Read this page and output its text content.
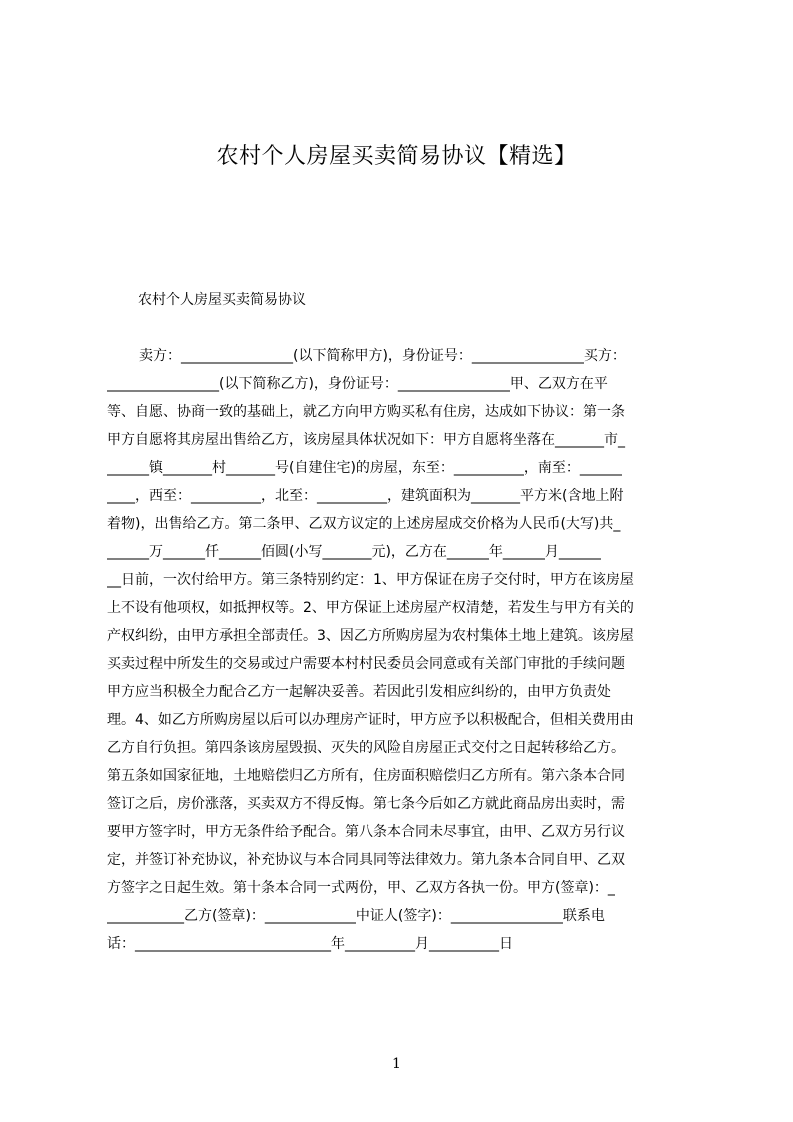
农村个人房屋买卖简易协议【精选】
农村个人房屋买卖简易协议
卖方：________________(以下简称甲方)，身份证号：________________买方：
________________(以下简称乙方)，身份证号：________________甲、乙双方在平
等、自愿、协商一致的基础上，就乙方向甲方购买私有住房，达成如下协议：第一条
甲方自愿将其房屋出售给乙方，该房屋具体状况如下：甲方自愿将坐落在_______市_
______镇_______村_______号(自建住宅)的房屋，东至：__________，南至：______
____，西至：__________，北至：__________，建筑面积为_______平方米(含地上附
着物)，出售给乙方。第二条甲、乙双方议定的上述房屋成交价格为人民币(大写)共_
______万______仟______佰圆(小写_______元)，乙方在______年______月______
__日前，一次付给甲方。第三条特别约定：1、甲方保证在房子交付时，甲方在该房屋
上不设有他项权，如抵押权等。2、甲方保证上述房屋产权清楚，若发生与甲方有关的
产权纠纷，由甲方承担全部责任。3、因乙方所购房屋为农村集体土地上建筑。该房屋
买卖过程中所发生的交易或过户需要本村村民委员会同意或有关部门审批的手续问题
甲方应当积极全力配合乙方一起解决妥善。若因此引发相应纠纷的，由甲方负责处
理。4、如乙方所购房屋以后可以办理房产证时，甲方应予以积极配合，但相关费用由
乙方自行负担。第四条该房屋毁损、灭失的风险自房屋正式交付之日起转移给乙方。
第五条如国家征地，土地赔偿归乙方所有，住房面积赔偿归乙方所有。第六条本合同
签订之后，房价涨落，买卖双方不得反悔。第七条今后如乙方就此商品房出卖时，需
要甲方签字时，甲方无条件给予配合。第八条本合同未尽事宜，由甲、乙双方另行议
定，并签订补充协议，补充协议与本合同具同等法律效力。第九条本合同自甲、乙双
方签字之日起生效。第十条本合同一式两份，甲、乙双方各执一份。甲方(签章)：_
___________乙方(签章)：_____________中证人(签字)：________________联系电
话：____________________________年__________月__________日
1
